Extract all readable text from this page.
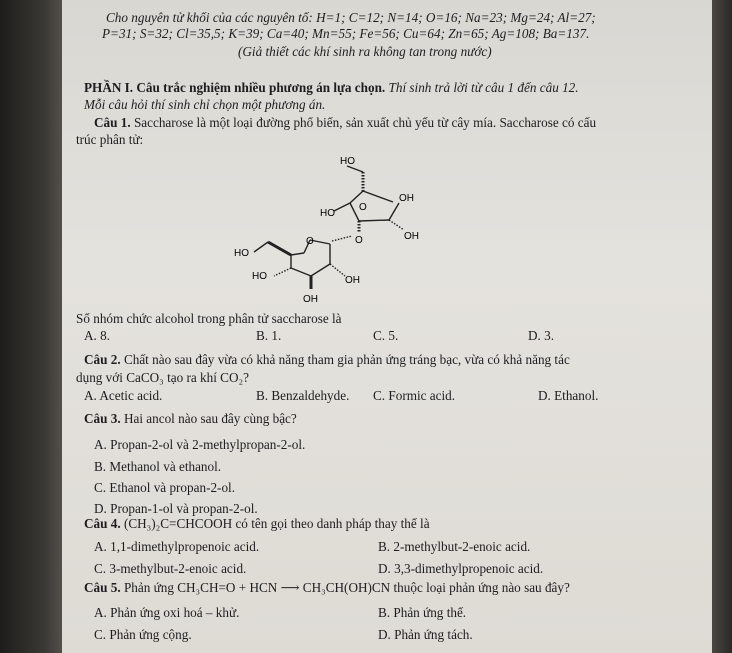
Cho nguyên tử khối của các nguyên tố: H=1; C=12; N=14; O=16; Na=23; Mg=24; Al=27;
P=31; S=32; Cl=35,5; K=39; Ca=40; Mn=55; Fe=56; Cu=64; Zn=65; Ag=108; Ba=137.
(Giả thiết các khí sinh ra không tan trong nước)
PHẦN I. Câu trắc nghiệm nhiều phương án lựa chọn. Thí sinh trả lời từ câu 1 đến câu 12.
Mỗi câu hỏi thí sinh chỉ chọn một phương án.
Câu 1. Saccharose là một loại đường phổ biến, sản xuất chủ yếu từ cây mía. Saccharose có cấu
trúc phân tử:
HO
OH
HO
O
OH
O
HO
O
HO	OH
OH
Số nhóm chức alcohol trong phân tử saccharose là
A. 8.	B. 1.	C. 5.	D. 3.
Câu 2. Chất nào sau đây vừa có khả năng tham gia phản ứng tráng bạc, vừa có khả năng tác
dụng với CaCO₃ tạo ra khí CO₂?
A. Acetic acid.	B. Benzaldehyde. C. Formic acid.	D. Ethanol.
Câu 3. Hai ancol nào sau đây cùng bậc?
A. Propan-2-ol và 2-methylpropan-2-ol.
B. Methanol và ethanol.
C. Ethanol và propan-2-ol.
D. Propan-1-ol và propan-2-ol.
Câu 4. (CH₃)₂C=CHCOOH có tên gọi theo danh pháp thay thế là
A. 1,1-dimethylpropenoic acid.	B. 2-methylbut-2-enoic acid.
C. 3-methylbut-2-enoic acid.	D. 3,3-dimethylpropenoic acid.
Câu 5. Phản ứng CH₃CH=O + HCN ⟶ CH₃CH(OH)CN thuộc loại phản ứng nào sau đây?
A. Phản ứng oxi hoá – khử.	B. Phản ứng thế.
C. Phản ứng cộng.	D. Phản ứng tách.
